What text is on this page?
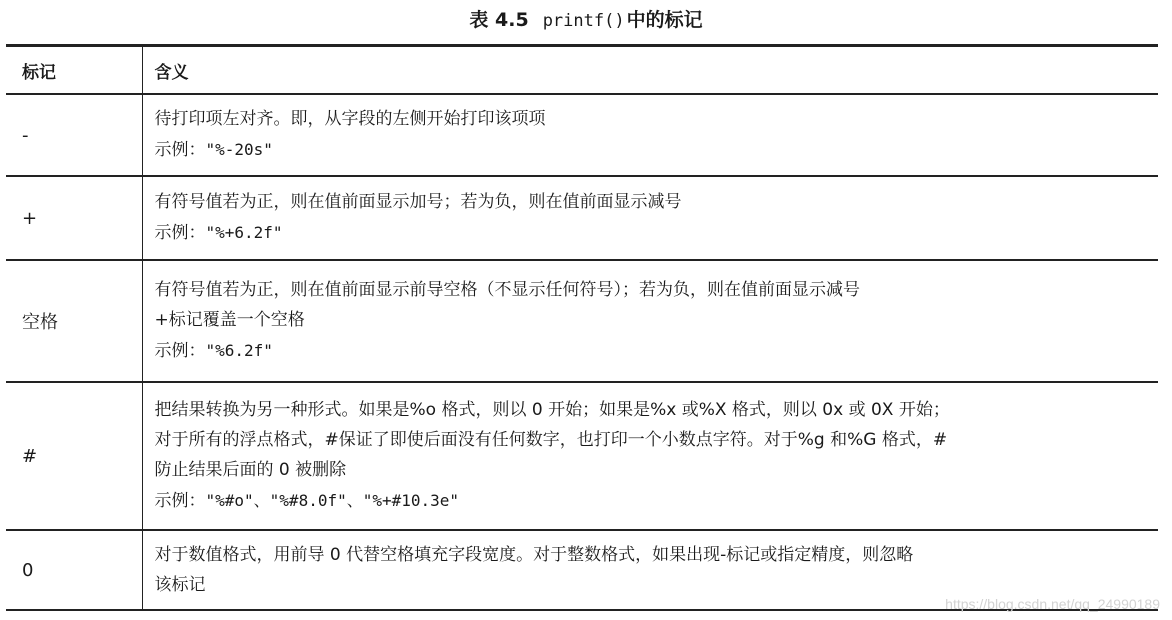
表 4.5 printf() 中的标记
标记	含义
-	待打印项左对齐。即，从字段的左侧开始打印该项项
示例："%-20s"

+	有符号值若为正，则在值前面显示加号；若为负，则在值前面显示减号
示例："%+6.2f"

空格	有符号值若为正，则在值前面显示前导空格（不显示任何符号）；若为负，则在值前面显示减号
+标记覆盖一个空格
示例："%6.2f"

#	把结果转换为另一种形式。如果是%o 格式，则以 0 开始；如果是%x 或%X 格式，则以 0x 或 0X 开始；
对于所有的浮点格式，#保证了即使后面没有任何数字，也打印一个小数点字符。对于%g 和%G 格式，#
防止结果后面的 0 被删除
示例："%#o"、"%#8.0f"、"%+#10.3e"

0	对于数值格式，用前导 0 代替空格填充字段宽度。对于整数格式，如果出现-标记或指定精度，则忽略
该标记
https://blog.csdn.net/qq_24990189
